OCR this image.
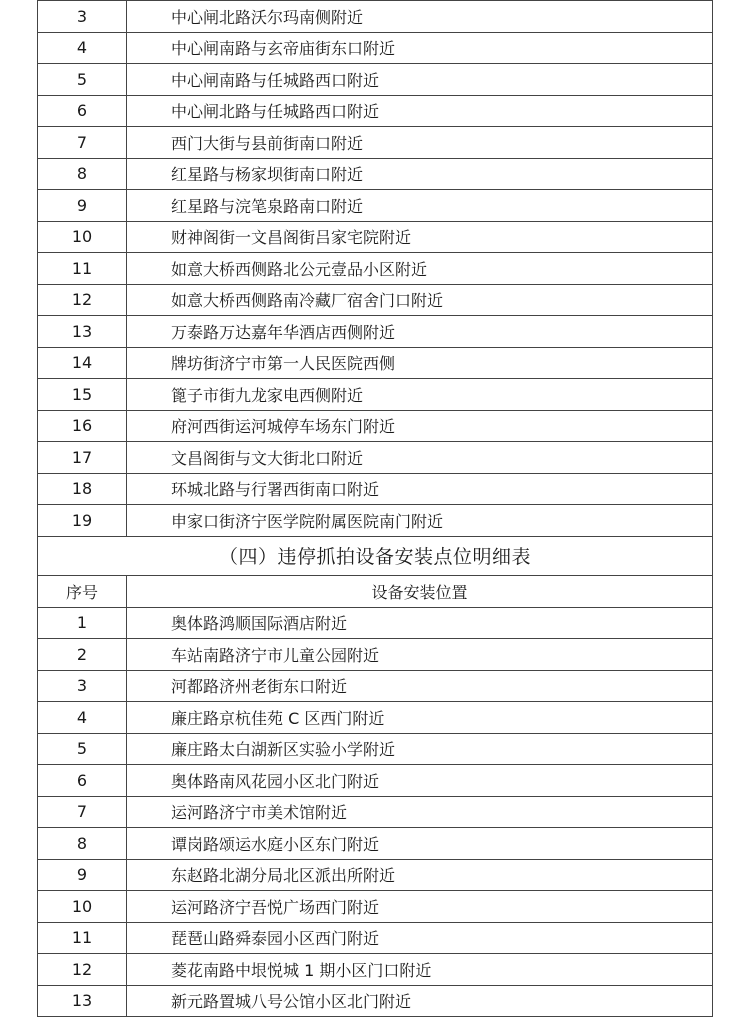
3	中心闸北路沃尔玛南侧附近
4	中心闸南路与玄帝庙街东口附近
5	中心闸南路与任城路西口附近
6	中心闸北路与任城路西口附近
7	西门大街与县前街南口附近
8	红星路与杨家坝街南口附近
9	红星路与浣笔泉路南口附近
10	财神阁街一文昌阁街吕家宅院附近
11	如意大桥西侧路北公元壹品小区附近
12	如意大桥西侧路南冷藏厂宿舍门口附近
13	万泰路万达嘉年华酒店西侧附近
14	牌坊街济宁市第一人民医院西侧
15	篦子市街九龙家电西侧附近
16	府河西街运河城停车场东门附近
17	文昌阁街与文大街北口附近
18	环城北路与行署西街南口附近
19	申家口街济宁医学院附属医院南门附近
（四）违停抓拍设备安装点位明细表	
序号	设备安装位置
1	奥体路鸿顺国际酒店附近
2	车站南路济宁市儿童公园附近
3	河都路济州老街东口附近
4	廉庄路京杭佳苑 C 区西门附近
5	廉庄路太白湖新区实验小学附近
6	奥体路南风花园小区北门附近
7	运河路济宁市美术馆附近
8	谭岗路颂运水庭小区东门附近
9	东赵路北湖分局北区派出所附近
10	运河路济宁吾悦广场西门附近
11	琵琶山路舜泰园小区西门附近
12	菱花南路中垠悦城 1 期小区门口附近
13	新元路置城八号公馆小区北门附近
